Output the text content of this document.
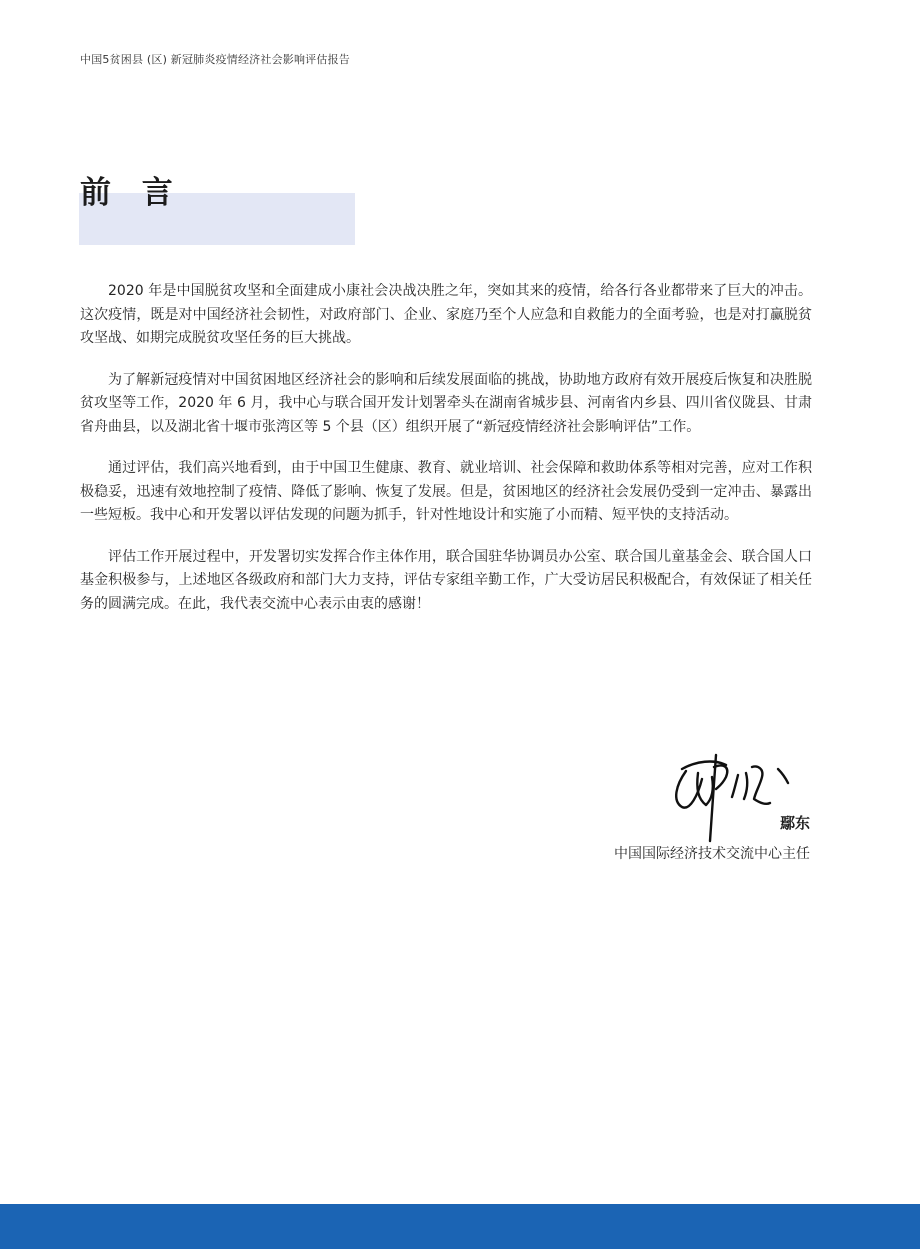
中国5贫困县 (区) 新冠肺炎疫情经济社会影响评估报告
前 言

2020 年是中国脱贫攻坚和全面建成小康社会决战决胜之年，突如其来的疫情，给各行各业都带来了巨大的冲击。这次疫情，既是对中国经济社会韧性，对政府部门、企业、家庭乃至个人应急和自救能力的全面考验，也是对打赢脱贫攻坚战、如期完成脱贫攻坚任务的巨大挑战。

为了解新冠疫情对中国贫困地区经济社会的影响和后续发展面临的挑战，协助地方政府有效开展疫后恢复和决胜脱贫攻坚等工作，2020 年 6 月，我中心与联合国开发计划署牵头在湖南省城步县、河南省内乡县、四川省仪陇县、甘肃省舟曲县，以及湖北省十堰市张湾区等 5 个县（区）组织开展了“新冠疫情经济社会影响评估”工作。

通过评估，我们高兴地看到，由于中国卫生健康、教育、就业培训、社会保障和救助体系等相对完善，应对工作积极稳妥，迅速有效地控制了疫情、降低了影响、恢复了发展。但是，贫困地区的经济社会发展仍受到一定冲击、暴露出一些短板。我中心和开发署以评估发现的问题为抓手，针对性地设计和实施了小而精、短平快的支持活动。

评估工作开展过程中，开发署切实发挥合作主体作用，联合国驻华协调员办公室、联合国儿童基金会、联合国人口基金积极参与，上述地区各级政府和部门大力支持，评估专家组辛勤工作，广大受访居民积极配合，有效保证了相关任务的圆满完成。在此，我代表交流中心表示由衷的感谢！

鄢东
中国国际经济技术交流中心主任
